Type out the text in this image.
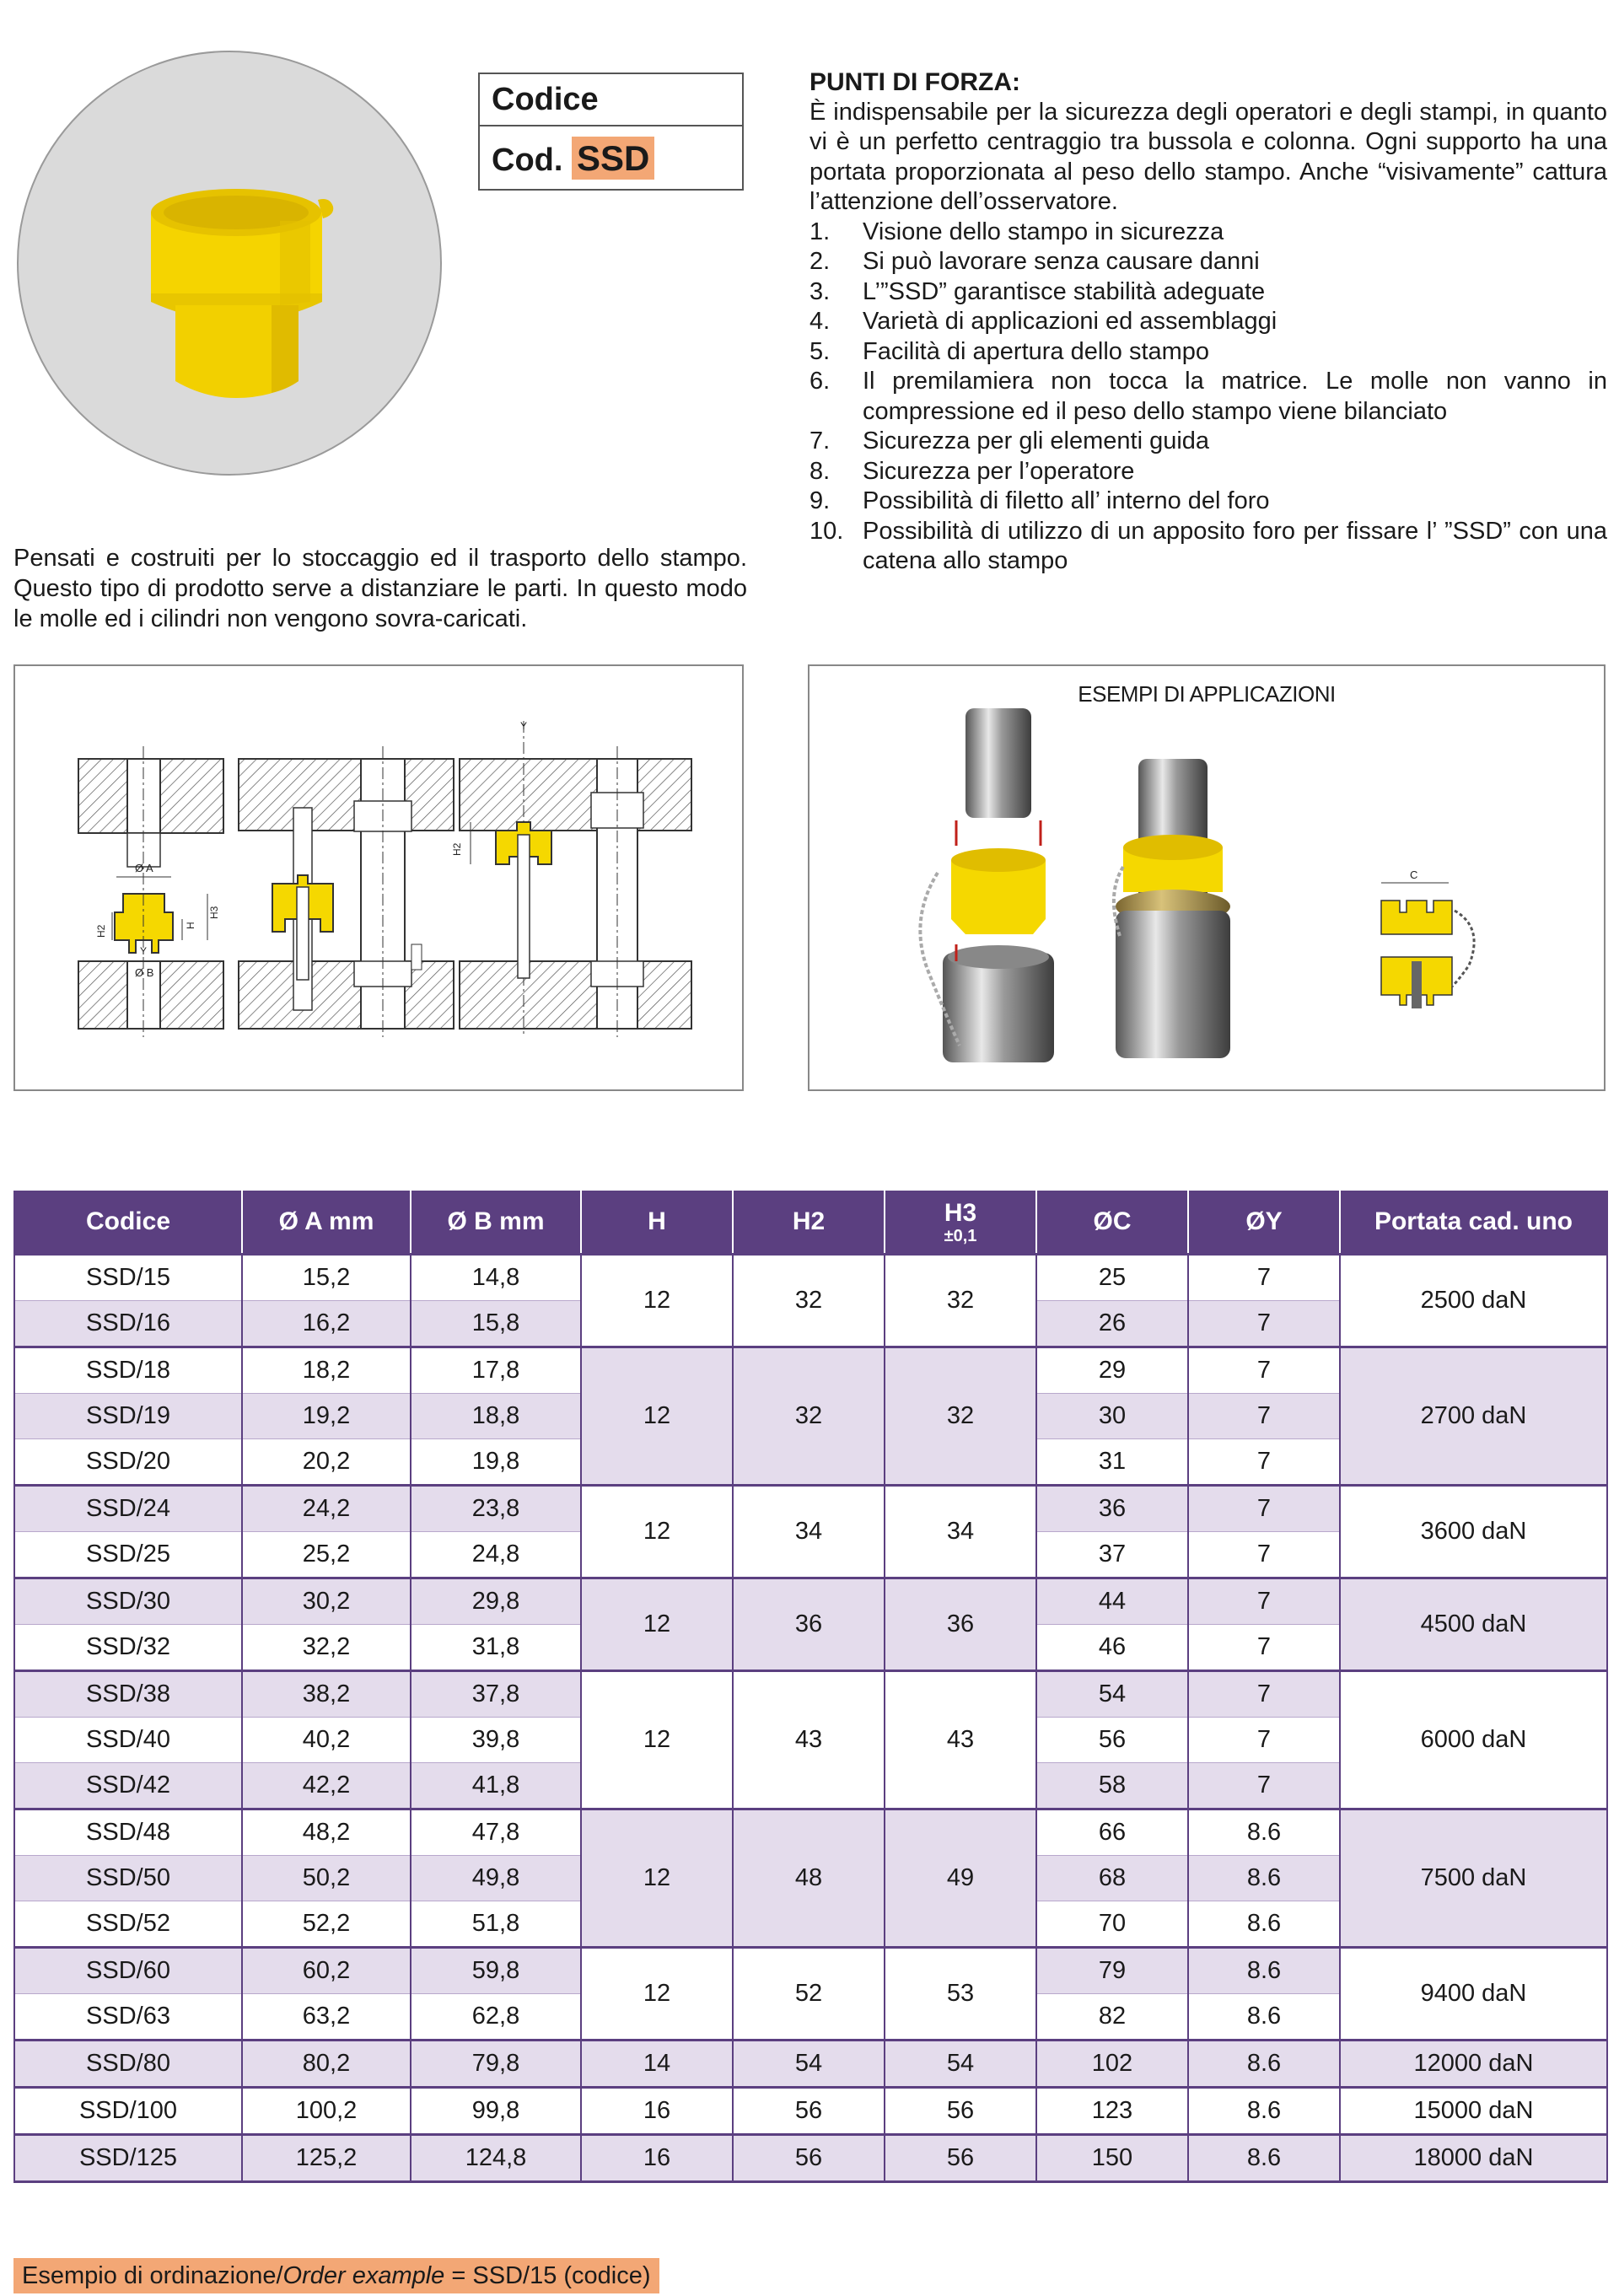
Codice
Cod. SSD
PUNTI DI FORZA:

È indispensabile per la sicurezza degli operatori e degli stampi, in quanto vi è un perfetto centraggio tra bussola e colonna. Ogni supporto ha una portata proporzionata al peso dello stampo. Anche “visivamente” cattura l’attenzione dell’osservatore.

1. Visione dello stampo in sicurezza
2. Si può lavorare senza causare danni
3. L’”SSD” garantisce stabilità adeguate
4. Varietà di applicazioni ed assemblaggi
5. Facilità di apertura dello stampo
6. Il premilamiera non tocca la matrice. Le molle non vanno in compressione ed il peso dello stampo viene bilanciato
7. Sicurezza per gli elementi guida
8. Sicurezza per l’operatore
9. Possibilità di filetto all’ interno del foro
10. Possibilità di utilizzo di un apposito foro per fissare l’ ”SSD” con una catena allo stampo
Pensati e costruiti per lo stoccaggio ed il trasporto dello stampo. Questo tipo di prodotto serve a distanziare le parti. In questo modo le molle ed i cilindri non vengono sovra-caricati.
Ø A
Ø B
Y
H2	H
H3
Y
H2
ESEMPI DI APPLICAZIONI
C
Codice	Ø A mm	Ø B mm	H	H2	H3
±0,1	ØC	ØY	Portata cad. uno
SSD/15	15,2	14,8	12	32	32	25	7	2500 daN
SSD/16	16,2	15,8				26	7	
SSD/18	18,2	17,8	12	32	32	29	7	2700 daN
SSD/19	19,2	18,8				30	7	
SSD/20	20,2	19,8				31	7	
SSD/24	24,2	23,8	12	34	34	36	7	3600 daN
SSD/25	25,2	24,8				37	7	
SSD/30	30,2	29,8	12	36	36	44	7	4500 daN
SSD/32	32,2	31,8				46	7	
SSD/38	38,2	37,8	12	43	43	54	7	6000 daN
SSD/40	40,2	39,8				56	7	
SSD/42	42,2	41,8				58	7	
SSD/48	48,2	47,8	12	48	49	66	8.6	7500 daN
SSD/50	50,2	49,8				68	8.6	
SSD/52	52,2	51,8				70	8.6	
SSD/60	60,2	59,8	12	52	53	79	8.6	9400 daN
SSD/63	63,2	62,8				82	8.6	
SSD/80	80,2	79,8	14	54	54	102	8.6	12000 daN
SSD/100	100,2	99,8	16	56	56	123	8.6	15000 daN
SSD/125	125,2	124,8	16	56	56	150	8.6	18000 daN
Esempio di ordinazione/Order example = SSD/15 (codice)
